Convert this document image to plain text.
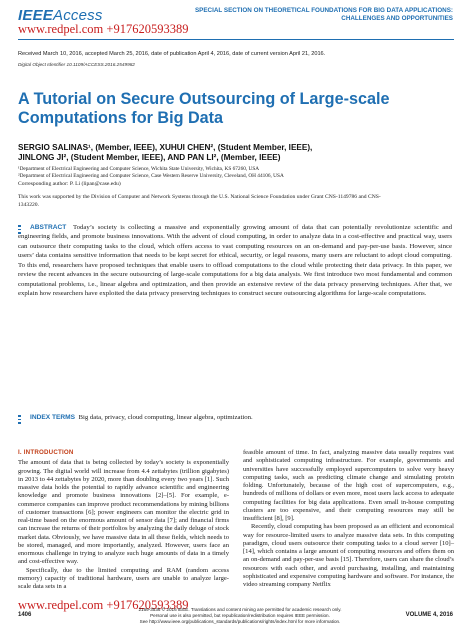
IEEEAccess	SPECIAL SECTION ON THEORETICAL FOUNDATIONS FOR BIG DATA APPLICATIONS:
CHALLENGES AND OPPORTUNITIES
www.redpel.com +917620593389
Received March 10, 2016, accepted March 25, 2016, date of publication April 4, 2016, date of current version April 21, 2016.
Digital Object Identifier 10.1109/ACCESS.2016.2549982
A Tutorial on Secure Outsourcing of Large-scale Computations for Big Data
SERGIO SALINAS¹, (Member, IEEE), XUHUI CHEN², (Student Member, IEEE),
JINLONG JI², (Student Member, IEEE), AND PAN LI², (Member, IEEE)
¹Department of Electrical Engineering and Computer Science, Wichita State University, Wichita, KS 67260, USA
²Department of Electrical Engineering and Computer Science, Case Western Reserve University, Cleveland, OH 44106, USA
Corresponding author: P. Li (lipan@case.edu)
This work was supported by the Division of Computer and Network Systems through the U.S. National Science Foundation under Grant CNS-1149786 and CNS-1343220.
ABSTRACT Today’s society is collecting a massive and exponentially growing amount of data that can potentially revolutionize scientific and engineering fields, and promote business innovations. With the advent of cloud computing, in order to analyze data in a cost-effective and practical way, users can outsource their computing tasks to the cloud, which offers access to vast computing resources on an on-demand and pay-per-use basis. However, since users’ data contains sensitive information that needs to be kept secret for ethical, security, or legal reasons, many users are reluctant to adopt cloud computing. To this end, researchers have proposed techniques that enable users to offload computations to the cloud while protecting their data privacy. In this paper, we review the recent advances in the secure outsourcing of large-scale computations for a big data analysis. We first introduce two most fundamental and common computational problems, i.e., linear algebra and optimization, and then provide an extensive review of the data privacy preserving techniques. After that, we explain how researchers have exploited the data privacy preserving techniques to construct secure outsourcing algorithms for large-scale computations.
INDEX TERMS Big data, privacy, cloud computing, linear algebra, optimization.
I. INTRODUCTION

The amount of data that is being collected by today’s society is exponentially growing. The digital world will increase from 4.4 zettabytes (trillion gigabytes) in 2013 to 44 zettabytes by 2020, more than doubling every two years [1]. Such massive data holds the potential to rapidly advance scientific and engineering knowledge and promote business innovations [2]–[5]. For example, e-commerce companies can improve product recommendations by mining billions of customer transactions [6]; power engineers can monitor the electric grid in real-time based on the enormous amount of sensor data [7]; and financial firms can increase the returns of their portfolios by analyzing the daily deluge of stock market data. Obviously, we have massive data in all these fields, which needs to be stored, managed, and more importantly, analyzed. However, users face an enormous challenge in trying to analyze such huge amounts of data in a timely and cost-effective way.

Specifically, due to the limited computing and RAM (random access memory) capacity of traditional hardware, users are unable to analyze large-scale data sets in a

feasible amount of time. In fact, analyzing massive data usually requires vast and sophisticated computing infrastructure. For example, governments and universities have successfully employed supercomputers to solve very heavy computing tasks, such as predicting climate change and simulating protein folding. Unfortunately, because of the high cost of supercomputers, e.g., hundreds of millions of dollars or even more, most users lack access to adequate computing facilities for big data applications. Even small in-house computing clusters are too expensive, and their computing resources may still be insufficient [8], [9].

Recently, cloud computing has been proposed as an efficient and economical way for resource-limited users to analyze massive data sets. In this computing paradigm, cloud users outsource their computing tasks to a cloud server [10]–[14], which contains a large amount of computing resources and offers them on an on-demand and pay-per-use basis [15]. Therefore, users can share the cloud’s resources with each other, and avoid purchasing, installing, and maintaining sophisticated and expensive computing hardware and software. For instance, the video streaming company Netflix

www.redpel.com +917620593389
2169-3536 © 2016 IEEE. Translations and content mining are permitted for academic research only.
Personal use is also permitted, but republication/redistribution requires IEEE permission.
See http://www.ieee.org/publications_standards/publications/rights/index.html for more information.
1406	VOLUME 4, 2016
